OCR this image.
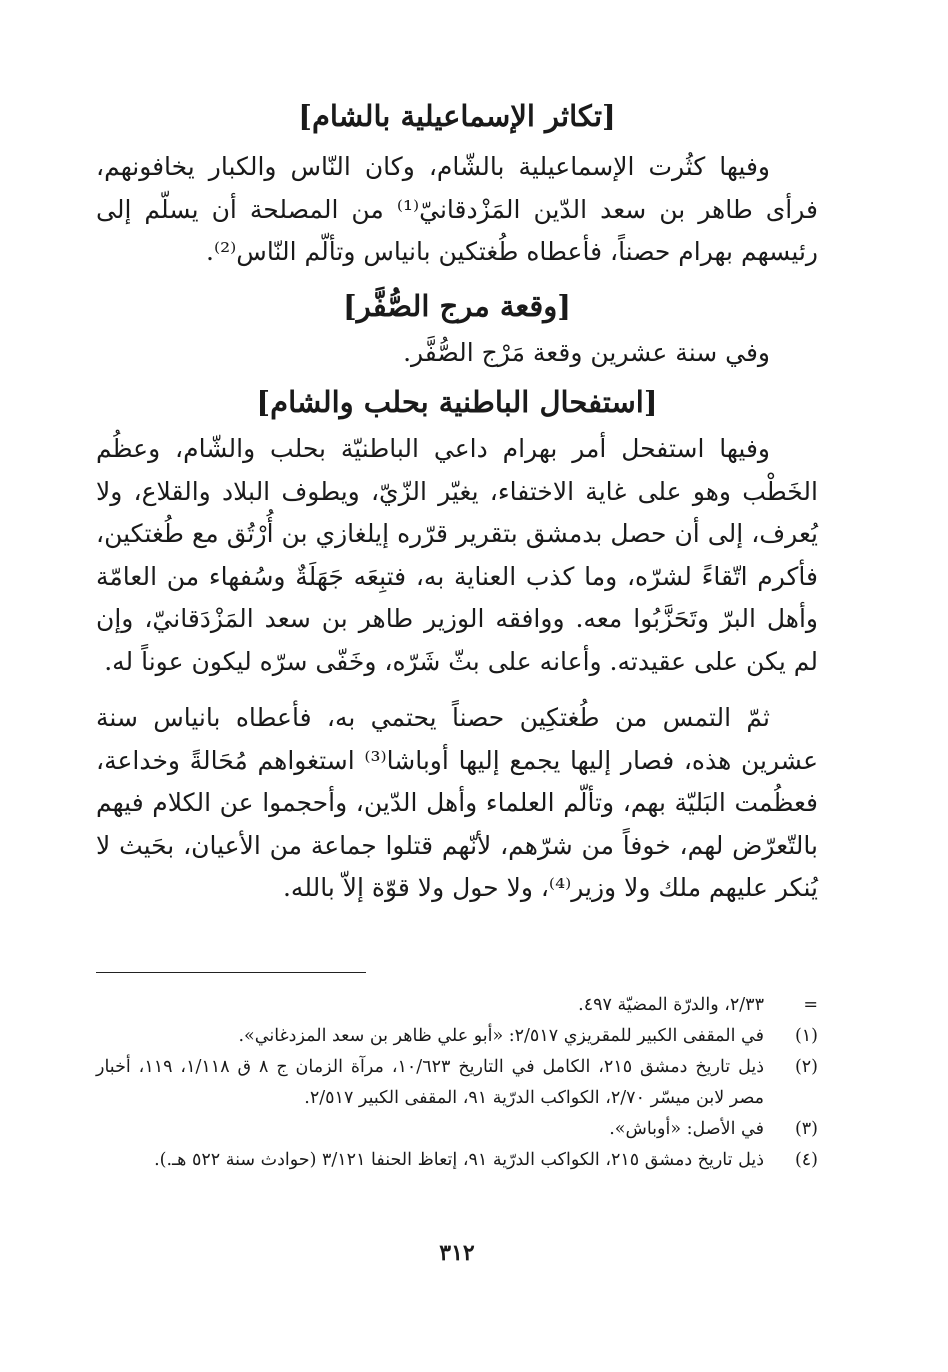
[تكاثر الإسماعيلية بالشام]

وفيها كثُرت الإسماعيلية بالشّام، وكان النّاس والكبار يخافونهم، فرأى طاهر بن سعد الدّين المَزْدقانيّ⁽¹⁾ من المصلحة أن يسلّم إلى رئيسهم بهرام حصناً، فأعطاه طُغتكين بانياس وتألّم النّاس⁽²⁾.

[وقعة مرج الصُّفَّر]

وفي سنة عشرين وقعة مَرْج الصُّفَّر.

[استفحال الباطنية بحلب والشام]

وفيها استفحل أمر بهرام داعي الباطنيّة بحلب والشّام، وعظُم الخَطْب وهو على غاية الاختفاء، يغيّر الزّيّ، ويطوف البلاد والقلاع، ولا يُعرف، إلى أن حصل بدمشق بتقرير قرّره إيلغازي بن أُرْتُق مع طُغتكين، فأكرم اتّقاءً لشرّه، وما كذب العناية به، فتبِعَه جَهَلَةٌ وسُفهاء من العامّة وأهل البرّ وتَحَزَّبُوا معه. ووافقه الوزير طاهر بن سعد المَزْدَقانيّ، وإن لم يكن على عقيدته. وأعانه على بثّ شَرّه، وخَفّى سرّه ليكون عوناً له.

ثمّ التمس من طُغتكِين حصناً يحتمي به، فأعطاه بانياس سنة عشرين هذه، فصار إليها يجمع إليها أوباشا⁽³⁾ استغواهم مُحَالةً وخداعة، فعظُمت البَليّة بهم، وتألّم العلماء وأهل الدّين، وأحجموا عن الكلام فيهم بالتّعرّض لهم، خوفاً من شرّهم، لأنّهم قتلوا جماعة من الأعيان، بحَيث لا يُنكر عليهم ملك ولا وزير⁽⁴⁾، ولا حول ولا قوّة إلاّ بالله.

=
٢/٣٣، والدرّة المضيّة ٤٩٧.
(١)
في المقفى الكبير للمقريزي ٢/٥١٧: «أبو علي ظاهر بن سعد المزدغاني».
(٢)
ذيل تاريخ دمشق ٢١٥، الكامل في التاريخ ١٠/٦٢٣، مرآة الزمان ج ٨ ق ١/١١٨، ١١٩، أخبار مصر لابن ميسّر ٢/٧٠، الكواكب الدرّية ٩١، المقفى الكبير ٢/٥١٧.
(٣)
في الأصل: «أوباش».
(٤)
ذيل تاريخ دمشق ٢١٥، الكواكب الدرّية ٩١، إتعاظ الحنفا ٣/١٢١ (حوادث سنة ٥٢٢ هـ.).
٣١٢
